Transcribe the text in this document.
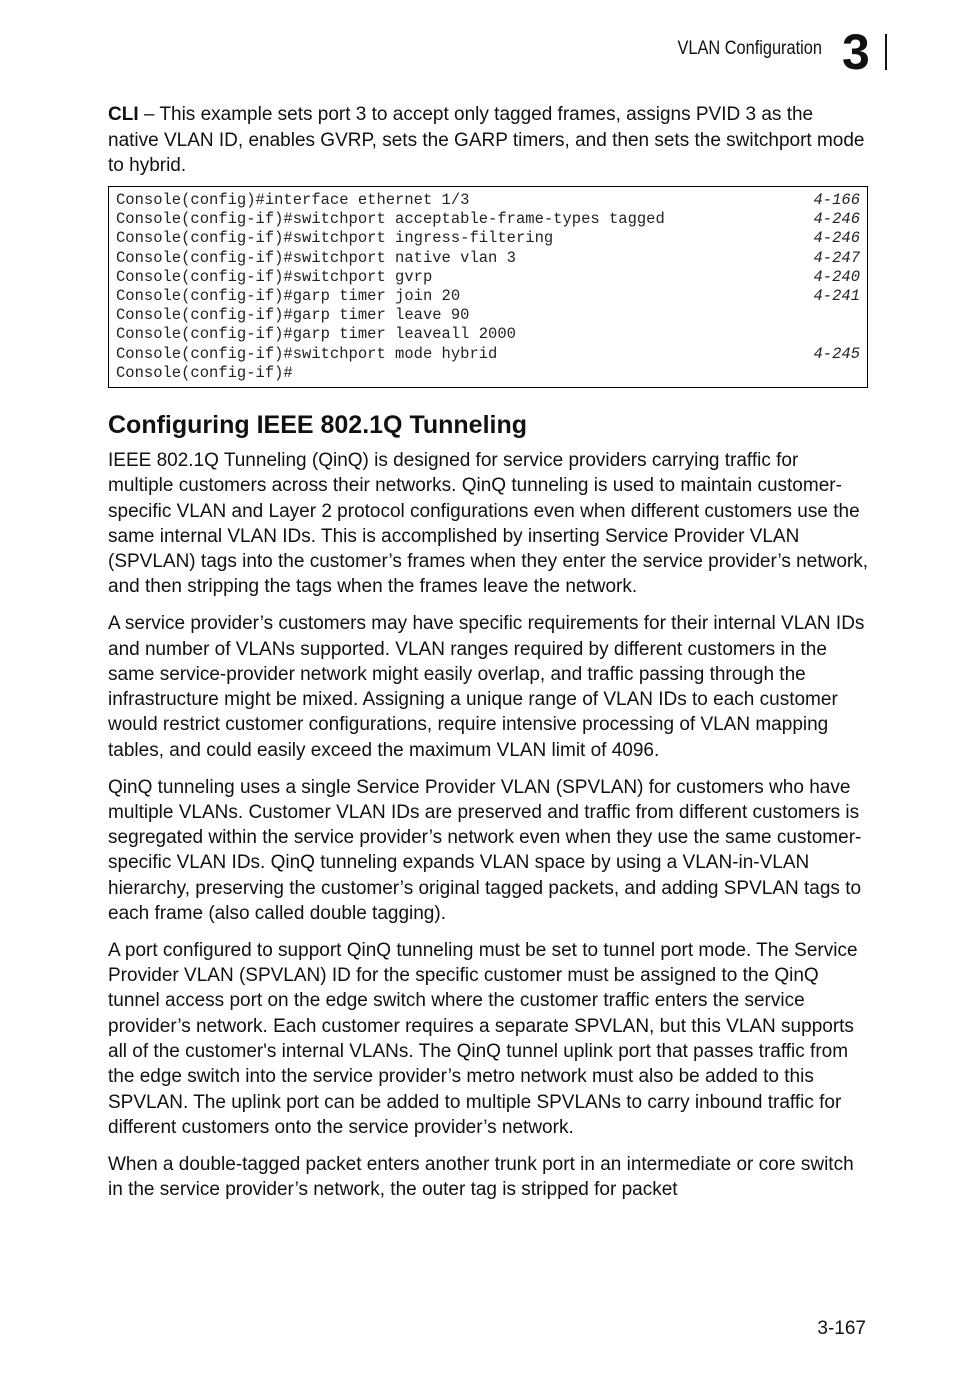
VLAN Configuration 3

CLI – This example sets port 3 to accept only tagged frames, assigns PVID 3 as the native VLAN ID, enables GVRP, sets the GARP timers, and then sets the switchport mode to hybrid.

Console(config)#interface ethernet 1/3	4-166
Console(config-if)#switchport acceptable-frame-types tagged	4-246
Console(config-if)#switchport ingress-filtering	4-246
Console(config-if)#switchport native vlan 3	4-247
Console(config-if)#switchport gvrp	4-240
Console(config-if)#garp timer join 20	4-241
Console(config-if)#garp timer leave 90
Console(config-if)#garp timer leaveall 2000
Console(config-if)#switchport mode hybrid	4-245
Console(config-if)#
Configuring IEEE 802.1Q Tunneling

IEEE 802.1Q Tunneling (QinQ) is designed for service providers carrying traffic for multiple customers across their networks. QinQ tunneling is used to maintain customer-specific VLAN and Layer 2 protocol configurations even when different customers use the same internal VLAN IDs. This is accomplished by inserting Service Provider VLAN (SPVLAN) tags into the customer’s frames when they enter the service provider’s network, and then stripping the tags when the frames leave the network.

A service provider’s customers may have specific requirements for their internal VLAN IDs and number of VLANs supported. VLAN ranges required by different customers in the same service-provider network might easily overlap, and traffic passing through the infrastructure might be mixed. Assigning a unique range of VLAN IDs to each customer would restrict customer configurations, require intensive processing of VLAN mapping tables, and could easily exceed the maximum VLAN limit of 4096.

QinQ tunneling uses a single Service Provider VLAN (SPVLAN) for customers who have multiple VLANs. Customer VLAN IDs are preserved and traffic from different customers is segregated within the service provider’s network even when they use the same customer-specific VLAN IDs. QinQ tunneling expands VLAN space by using a VLAN-in-VLAN hierarchy, preserving the customer’s original tagged packets, and adding SPVLAN tags to each frame (also called double tagging).

A port configured to support QinQ tunneling must be set to tunnel port mode. The Service Provider VLAN (SPVLAN) ID for the specific customer must be assigned to the QinQ tunnel access port on the edge switch where the customer traffic enters the service provider’s network. Each customer requires a separate SPVLAN, but this VLAN supports all of the customer's internal VLANs. The QinQ tunnel uplink port that passes traffic from the edge switch into the service provider’s metro network must also be added to this SPVLAN. The uplink port can be added to multiple SPVLANs to carry inbound traffic for different customers onto the service provider’s network.

When a double-tagged packet enters another trunk port in an intermediate or core switch in the service provider’s network, the outer tag is stripped for packet

3-167
